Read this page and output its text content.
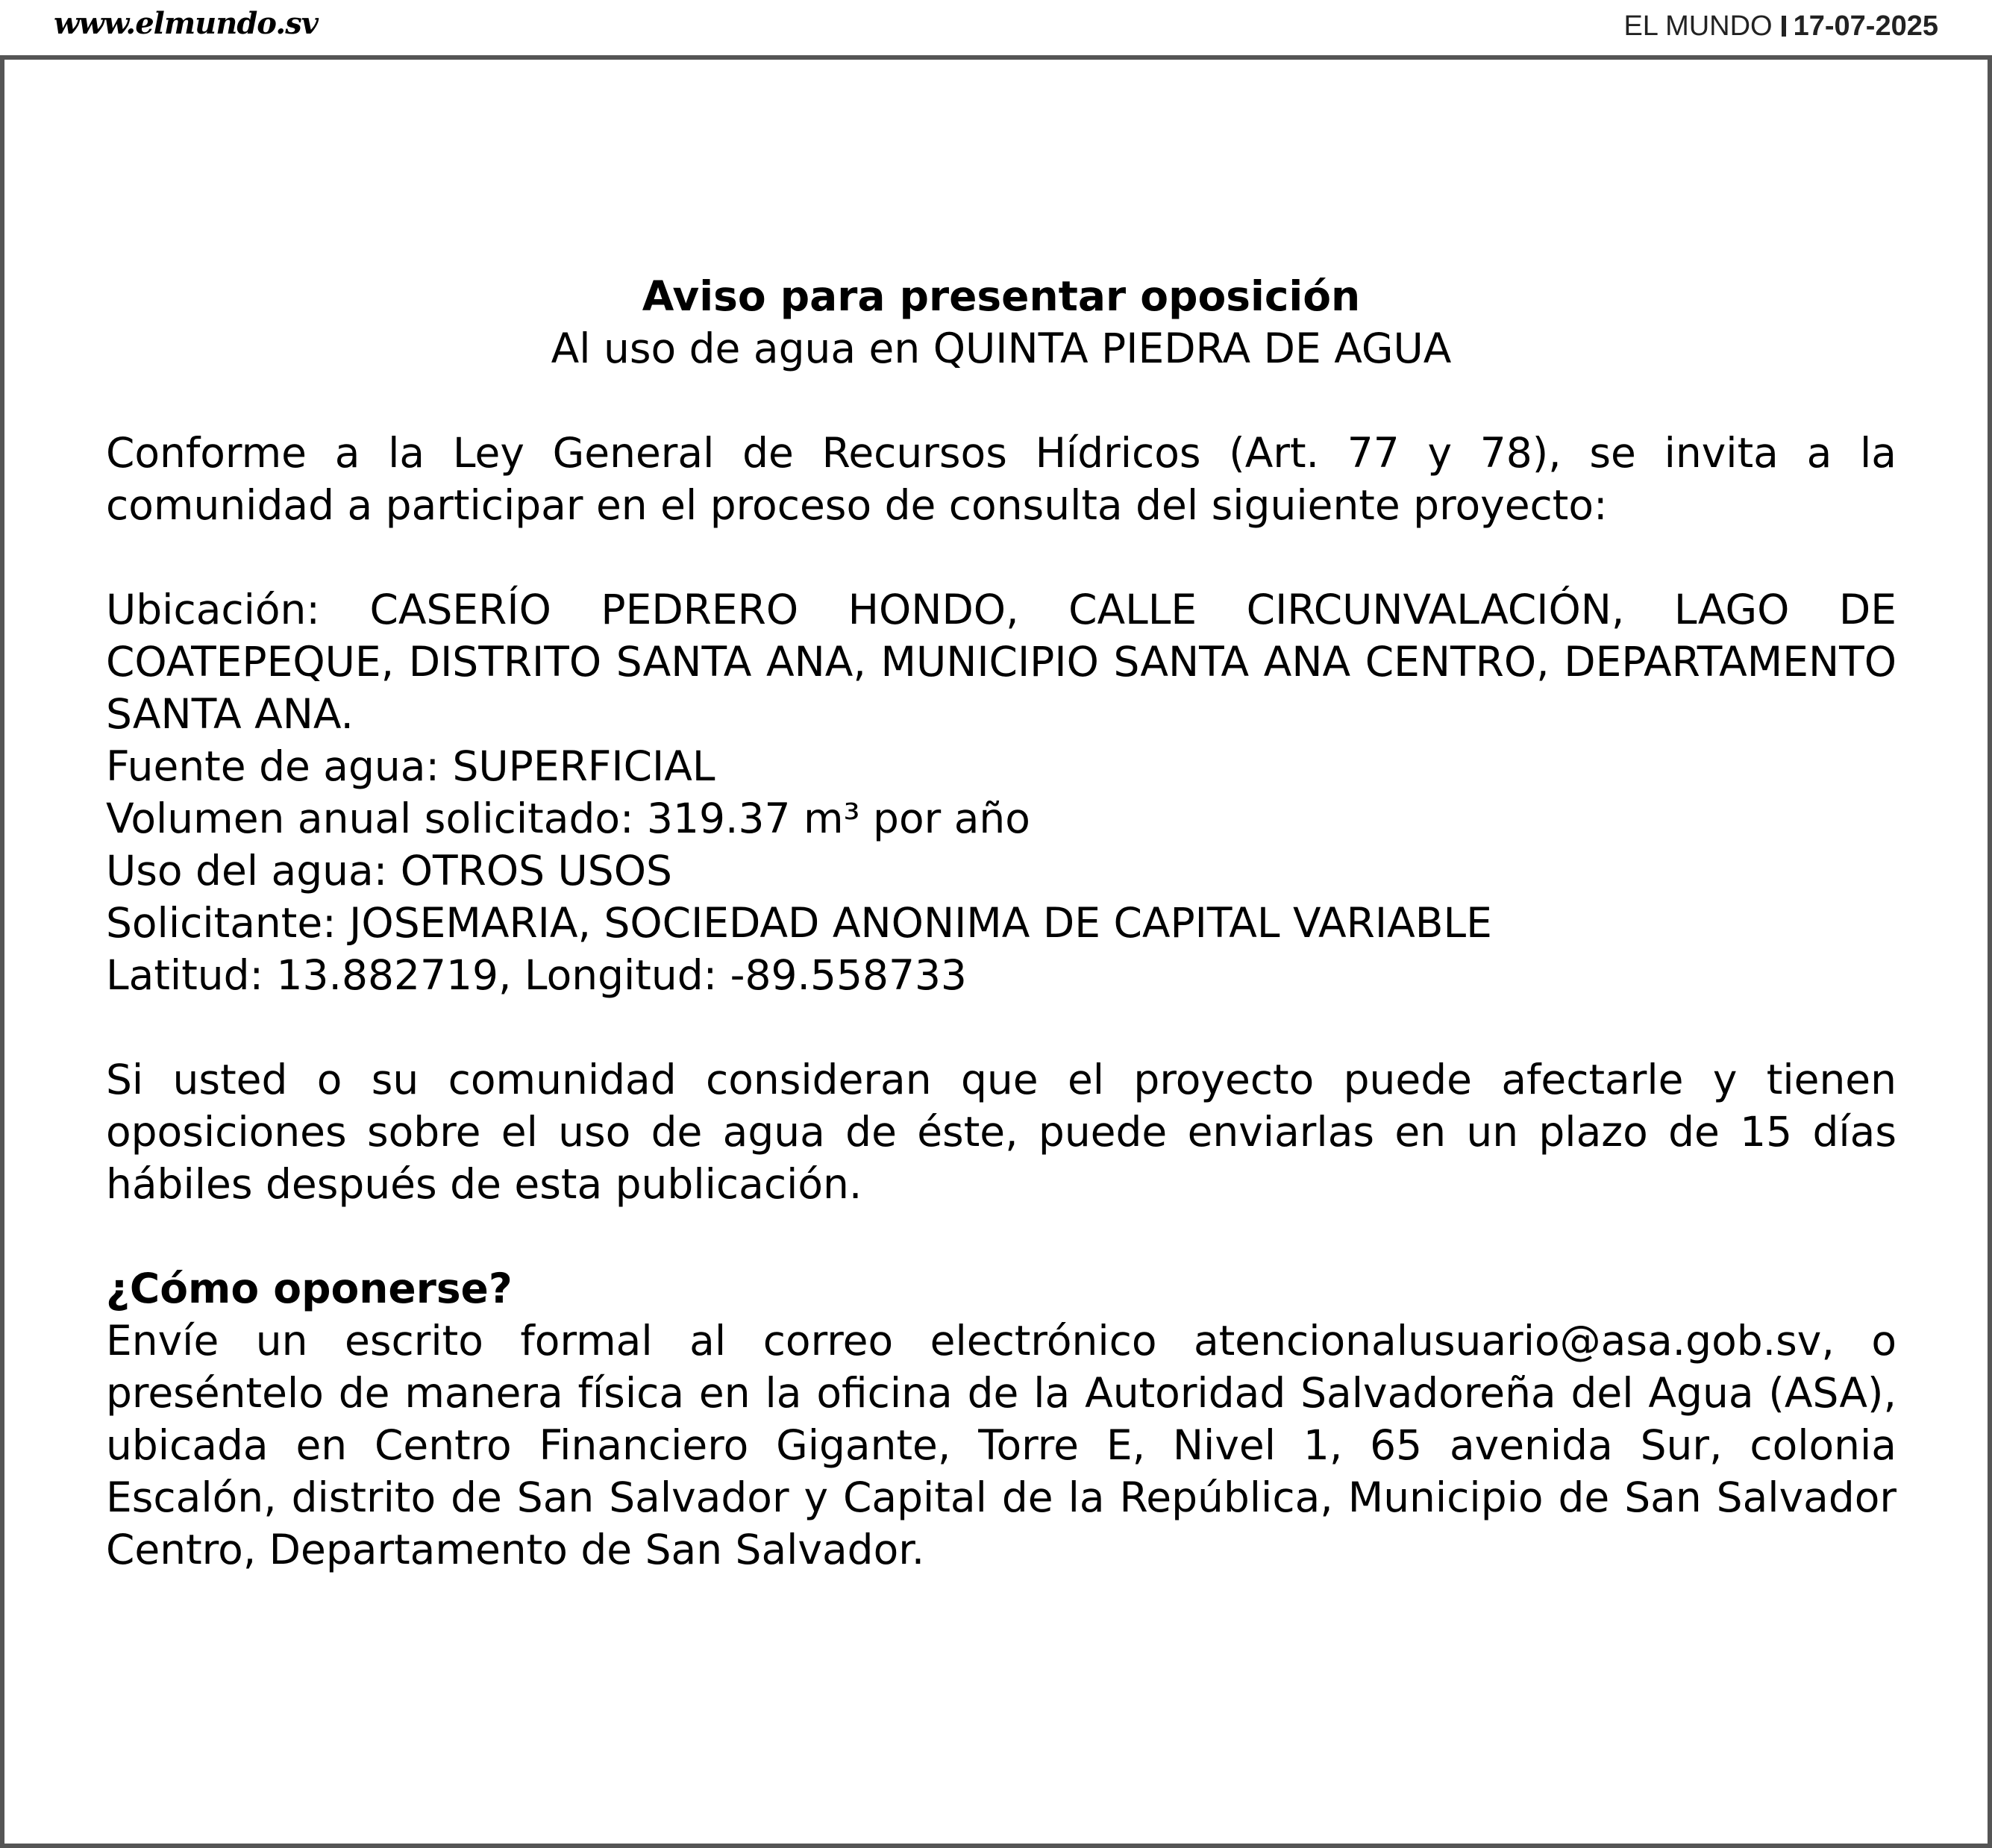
www.elmundo.sv	EL MUNDO 17-07-2025

Aviso para presentar oposición

Al uso de agua en QUINTA PIEDRA DE AGUA

Conforme a la Ley General de Recursos Hídricos (Art. 77 y 78), se invita a la comunidad a participar en el proceso de consulta del siguiente proyecto:

Ubicación: CASERÍO PEDRERO HONDO, CALLE CIRCUNVALACIÓN, LAGO DE COATEPEQUE, DISTRITO SANTA ANA, MUNICIPIO SANTA ANA CENTRO, DEPARTAMENTO SANTA ANA.

Fuente de agua: SUPERFICIAL

Volumen anual solicitado: 319.37 m³ por año

Uso del agua: OTROS USOS

Solicitante: JOSEMARIA, SOCIEDAD ANONIMA DE CAPITAL VARIABLE

Latitud: 13.882719, Longitud: -89.558733

Si usted o su comunidad consideran que el proyecto puede afectarle y tienen oposiciones sobre el uso de agua de éste, puede enviarlas en un plazo de 15 días hábiles después de esta publicación.

¿Cómo oponerse?

Envíe un escrito formal al correo electrónico atencionalusuario@asa.gob.sv, o preséntelo de manera física en la oficina de la Autoridad Salvadoreña del Agua (ASA), ubicada en Centro Financiero Gigante, Torre E, Nivel 1, 65 avenida Sur, colonia Escalón, distrito de San Salvador y Capital de la República, Municipio de San Salvador Centro, Departamento de San Salvador.
